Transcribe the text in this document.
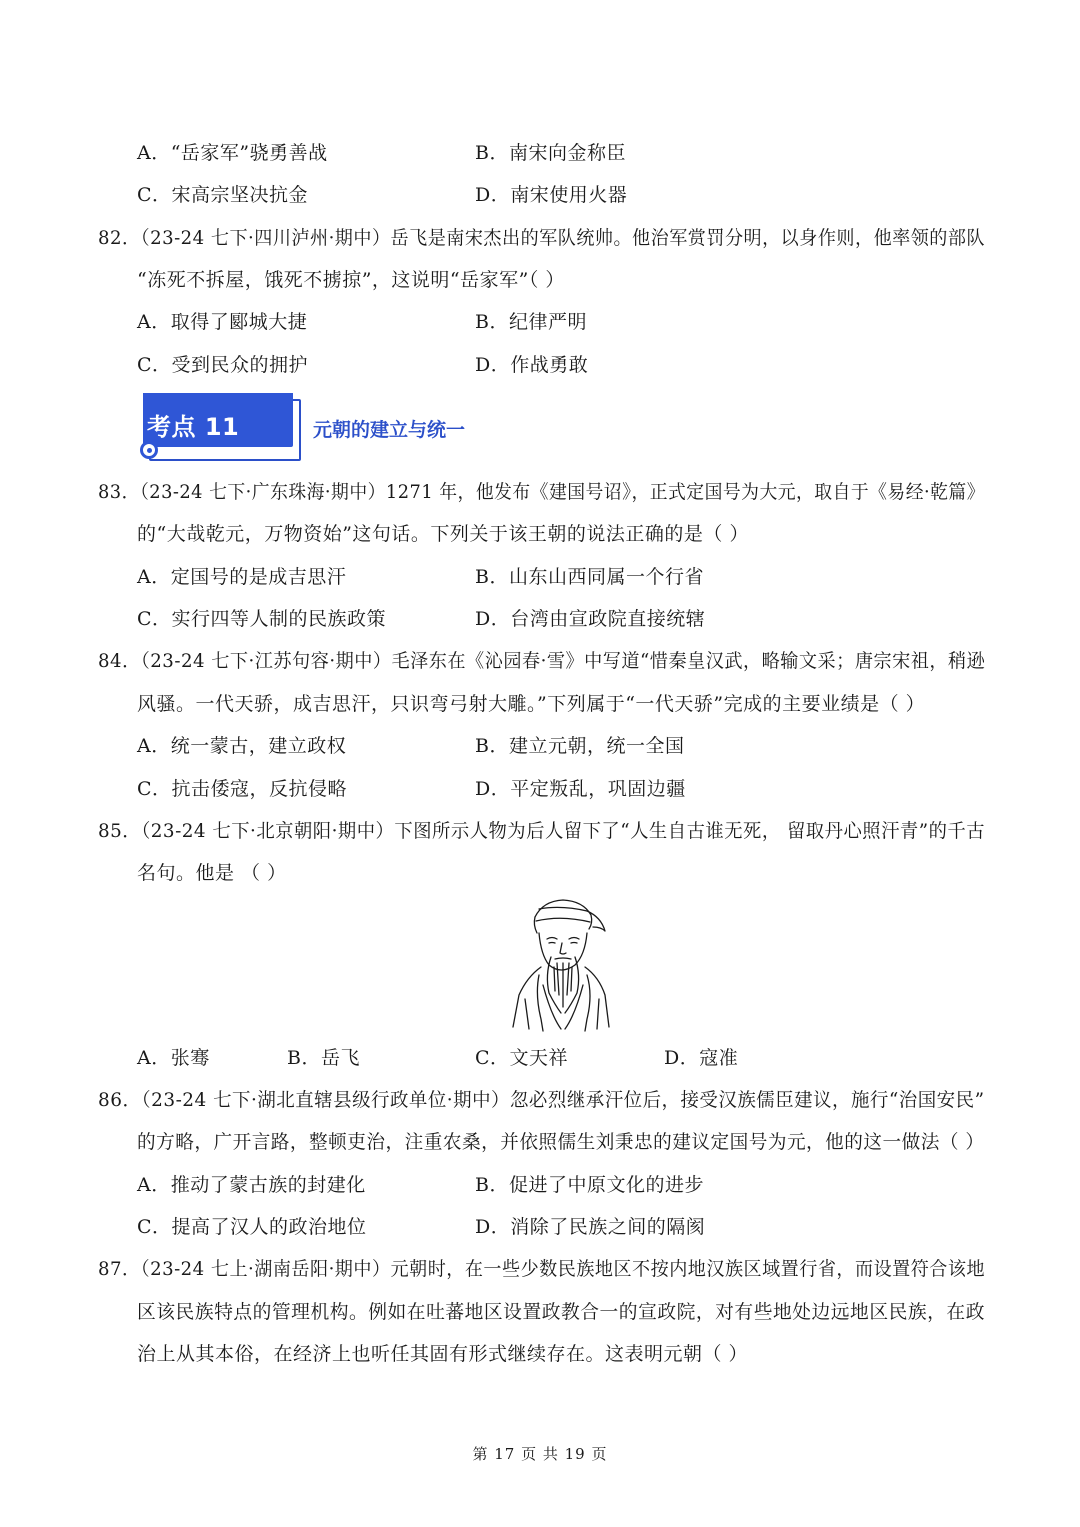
A．“岳家军”骁勇善战	B．南宋向金称臣
C．宋高宗坚决抗金	D．南宋使用火器
82．（23-24 七下·四川泸州·期中）岳飞是南宋杰出的军队统帅。他治军赏罚分明，以身作则，他率领的部队
“冻死不拆屋，饿死不掳掠”，这说明“岳家军”（ ）
A．取得了郾城大捷	B．纪律严明
C．受到民众的拥护	D．作战勇敢
考点 11	元朝的建立与统一
83．（23-24 七下·广东珠海·期中）1271 年，他发布《建国号诏》，正式定国号为大元，取自于《易经·乾篇》
的“大哉乾元，万物资始”这句话。下列关于该王朝的说法正确的是（ ）
A．定国号的是成吉思汗	B．山东山西同属一个行省
C．实行四等人制的民族政策	D．台湾由宣政院直接统辖
84．（23-24 七下·江苏句容·期中）毛泽东在《沁园春·雪》中写道“惜秦皇汉武，略输文采；唐宗宋祖，稍逊
风骚。一代天骄，成吉思汗，只识弯弓射大雕。”下列属于“一代天骄”完成的主要业绩是（ ）
A．统一蒙古，建立政权	B．建立元朝，统一全国
C．抗击倭寇，反抗侵略	D．平定叛乱，巩固边疆
85．（23-24 七下·北京朝阳·期中）下图所示人物为后人留下了“人生自古谁无死， 留取丹心照汗青”的千古
名句。他是 （ ）
A．张骞	B．岳飞	C．文天祥	D．寇准
86．（23-24 七下·湖北直辖县级行政单位·期中）忽必烈继承汗位后，接受汉族儒臣建议，施行“治国安民”
的方略，广开言路，整顿吏治，注重农桑，并依照儒生刘秉忠的建议定国号为元，他的这一做法（ ）
A．推动了蒙古族的封建化	B．促进了中原文化的进步
C．提高了汉人的政治地位	D．消除了民族之间的隔阂
87．（23-24 七上·湖南岳阳·期中）元朝时，在一些少数民族地区不按内地汉族区域置行省，而设置符合该地
区该民族特点的管理机构。例如在吐蕃地区设置政教合一的宣政院，对有些地处边远地区民族，在政
治上从其本俗，在经济上也听任其固有形式继续存在。这表明元朝（ ）
第 17 页 共 19 页
